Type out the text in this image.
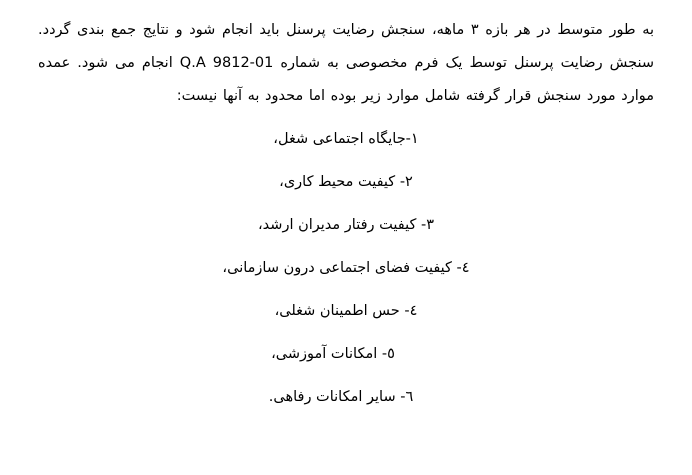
به طور متوسط در هر بازه ۳ ماهه، سنجش رضایت پرسنل باید انجام شود و نتایج جمع بندی گردد. سنجش رضایت پرسنل توسط یک فرم مخصوصی به شماره Q.A 9812-01 انجام می شود. عمده موارد مورد سنجش قرار گرفته شامل موارد زیر بوده اما محدود به آنها نیست:

۱-جایگاه اجتماعی شغل،
۲- کیفیت محیط کاری،
۳- کیفیت رفتار مدیران ارشد،
٤- کیفیت فضای اجتماعی درون سازمانی،
٤- حس اطمینان شغلی،
٥- امکانات آموزشی،
٦- سایر امکانات رفاهی.
